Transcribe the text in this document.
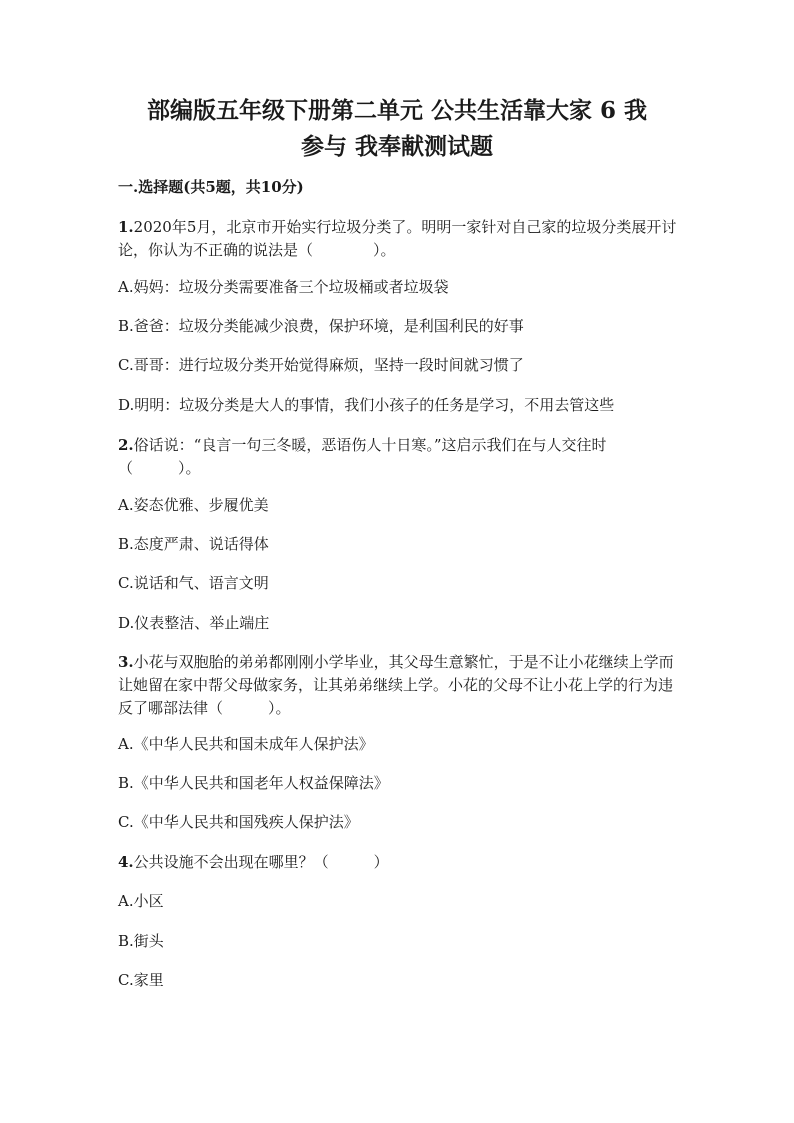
部编版五年级下册第二单元 公共生活靠大家 6 我
参与 我奉献测试题
一.选择题(共5题，共10分)
1.2020年5月，北京市开始实行垃圾分类了。明明一家针对自己家的垃圾分类展开讨论，你认为不正确的说法是（　　　　）。
A.妈妈：垃圾分类需要准备三个垃圾桶或者垃圾袋
B.爸爸：垃圾分类能减少浪费，保护环境，是利国利民的好事
C.哥哥：进行垃圾分类开始觉得麻烦，坚持一段时间就习惯了
D.明明：垃圾分类是大人的事情，我们小孩子的任务是学习，不用去管这些
2.俗话说：“良言一句三冬暖，恶语伤人十日寒。”这启示我们在与人交往时（　　　）。
A.姿态优雅、步履优美
B.态度严肃、说话得体
C.说话和气、语言文明
D.仪表整洁、举止端庄
3.小花与双胞胎的弟弟都刚刚小学毕业，其父母生意繁忙，于是不让小花继续上学而让她留在家中帮父母做家务，让其弟弟继续上学。小花的父母不让小花上学的行为违反了哪部法律（　　　）。
A.《中华人民共和国未成年人保护法》
B.《中华人民共和国老年人权益保障法》
C.《中华人民共和国残疾人保护法》
4.公共设施不会出现在哪里？（　　　）
A.小区
B.街头
C.家里
